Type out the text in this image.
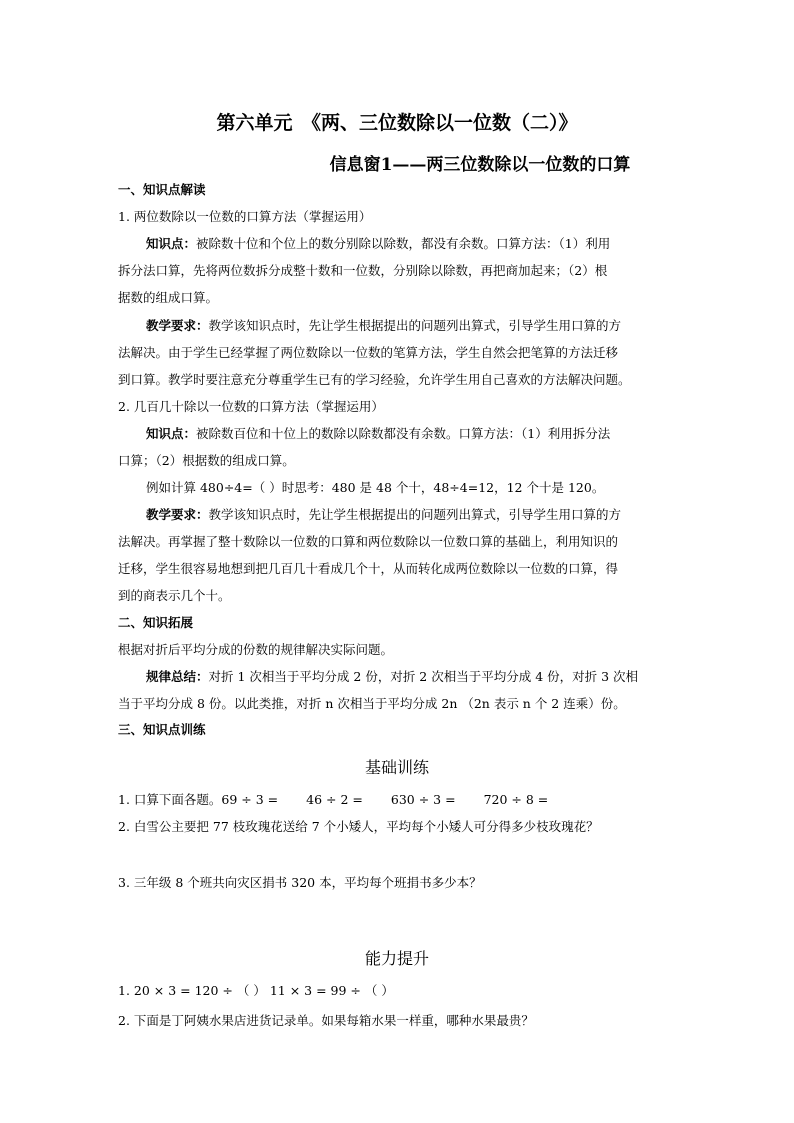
第六单元　《两、三位数除以一位数（二）》
信息窗1——两三位数除以一位数的口算
一、知识点解读
1. 两位数除以一位数的口算方法（掌握运用）
知识点：被除数十位和个位上的数分别除以除数，都没有余数。口算方法：（1）利用
拆分法口算，先将两位数拆分成整十数和一位数，分别除以除数，再把商加起来；（2）根
据数的组成口算。
教学要求：教学该知识点时，先让学生根据提出的问题列出算式，引导学生用口算的方
法解决。由于学生已经掌握了两位数除以一位数的笔算方法，学生自然会把笔算的方法迁移
到口算。教学时要注意充分尊重学生已有的学习经验，允许学生用自己喜欢的方法解决问题。
2. 几百几十除以一位数的口算方法（掌握运用）
知识点：被除数百位和十位上的数除以除数都没有余数。口算方法：（1）利用拆分法
口算；（2）根据数的组成口算。
例如计算 480÷4=（ ）时思考：480 是 48 个十，48÷4=12，12 个十是 120。
教学要求：教学该知识点时，先让学生根据提出的问题列出算式，引导学生用口算的方
法解决。再掌握了整十数除以一位数的口算和两位数除以一位数口算的基础上，利用知识的
迁移，学生很容易地想到把几百几十看成几个十，从而转化成两位数除以一位数的口算，得
到的商表示几个十。
二、知识拓展
根据对折后平均分成的份数的规律解决实际问题。
规律总结：对折 1 次相当于平均分成 2 份，对折 2 次相当于平均分成 4 份，对折 3 次相
当于平均分成 8 份。以此类推，对折 n 次相当于平均分成 2n （2n 表示 n 个 2 连乘）份。
三、知识点训练
基础训练
1. 口算下面各题。69 ÷ 3 = 46 ÷ 2 = 630 ÷ 3 = 720 ÷ 8 =
2. 白雪公主要把 77 枝玫瑰花送给 7 个小矮人，平均每个小矮人可分得多少枝玫瑰花？
3. 三年级 8 个班共向灾区捐书 320 本，平均每个班捐书多少本？
能力提升
1. 20 × 3 = 120 ÷ （ ） 11 × 3 = 99 ÷ （ ）
2. 下面是丁阿姨水果店进货记录单。如果每箱水果一样重，哪种水果最贵？
